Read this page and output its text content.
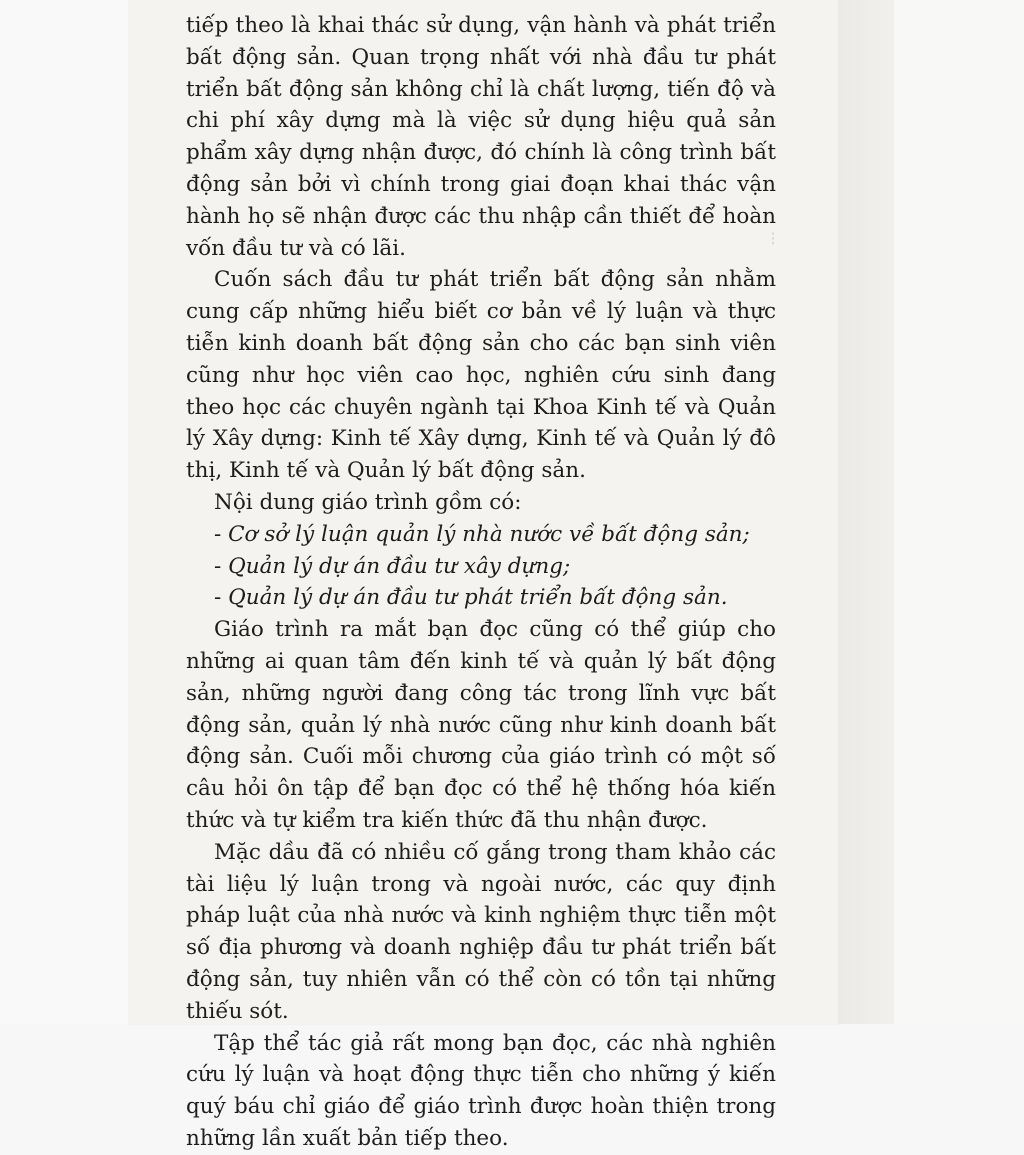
⁝

tiếp theo là khai thác sử dụng, vận hành và phát triển bất động sản. Quan trọng nhất với nhà đầu tư phát triển bất động sản không chỉ là chất lượng, tiến độ và chi phí xây dựng mà là việc sử dụng hiệu quả sản phẩm xây dựng nhận được, đó chính là công trình bất động sản bởi vì chính trong giai đoạn khai thác vận hành họ sẽ nhận được các thu nhập cần thiết để hoàn vốn đầu tư và có lãi.

Cuốn sách đầu tư phát triển bất động sản nhằm cung cấp những hiểu biết cơ bản về lý luận và thực tiễn kinh doanh bất động sản cho các bạn sinh viên cũng như học viên cao học, nghiên cứu sinh đang theo học các chuyên ngành tại Khoa Kinh tế và Quản lý Xây dựng: Kinh tế Xây dựng, Kinh tế và Quản lý đô thị, Kinh tế và Quản lý bất động sản.

Nội dung giáo trình gồm có:

- Cơ sở lý luận quản lý nhà nước về bất động sản;

- Quản lý dự án đầu tư xây dựng;

- Quản lý dự án đầu tư phát triển bất động sản.

Giáo trình ra mắt bạn đọc cũng có thể giúp cho những ai quan tâm đến kinh tế và quản lý bất động sản, những người đang công tác trong lĩnh vực bất động sản, quản lý nhà nước cũng như kinh doanh bất động sản. Cuối mỗi chương của giáo trình có một số câu hỏi ôn tập để bạn đọc có thể hệ thống hóa kiến thức và tự kiểm tra kiến thức đã thu nhận được.

Mặc dầu đã có nhiều cố gắng trong tham khảo các tài liệu lý luận trong và ngoài nước, các quy định pháp luật của nhà nước và kinh nghiệm thực tiễn một số địa phương và doanh nghiệp đầu tư phát triển bất động sản, tuy nhiên vẫn có thể còn có tồn tại những thiếu sót.

Tập thể tác giả rất mong bạn đọc, các nhà nghiên cứu lý luận và hoạt động thực tiễn cho những ý kiến quý báu chỉ giáo để giáo trình được hoàn thiện trong những lần xuất bản tiếp theo.
